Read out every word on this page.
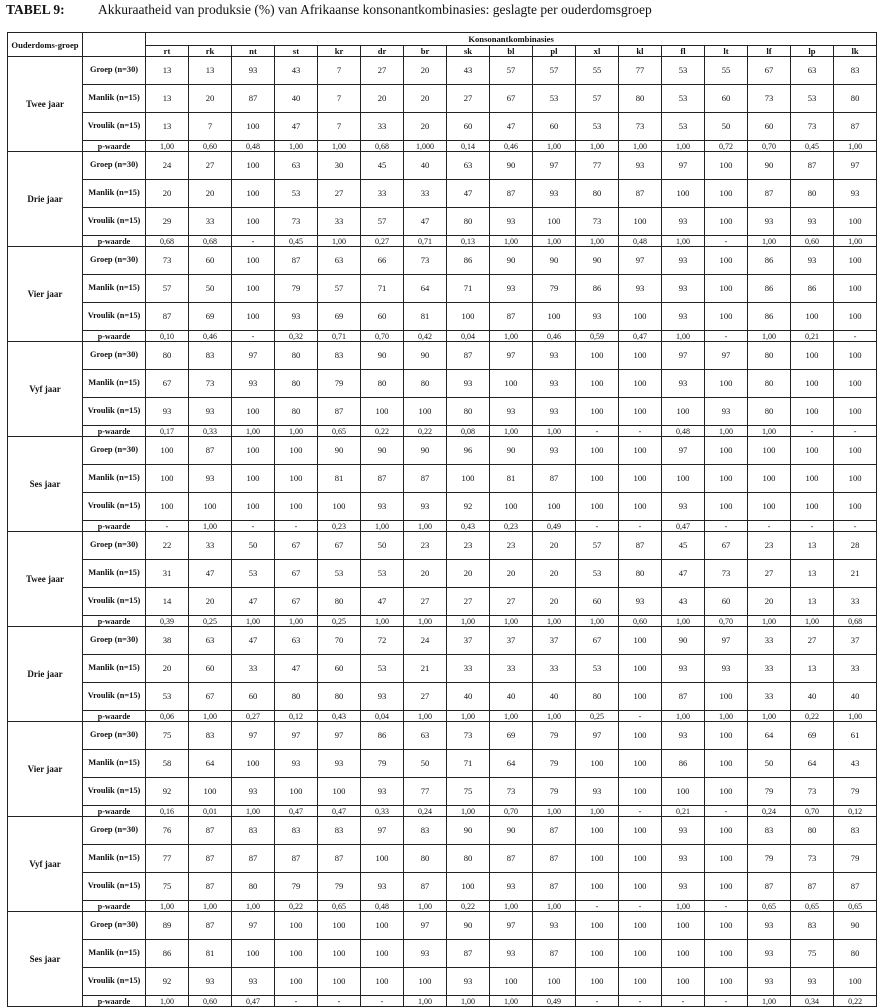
TABEL 9: Akkuraatheid van produksie (%) van Afrikaanse konsonantkombinasies: geslagte per ouderdomsgroep
Ouderdoms-groep		Konsonantkombinasies																
		rt	rk	nt	st	kr	dr	br	sk	bl	pl	xl	kl	fl	lt	lf	lp	lk
Twee jaar	Groep (n=30)	13	13	93	43	7	27	20	43	57	57	55	77	53	55	67	63	83
	Manlik (n=15)	13	20	87	40	7	20	20	27	67	53	57	80	53	60	73	53	80
	Vroulik (n=15)	13	7	100	47	7	33	20	60	47	60	53	73	53	50	60	73	87
	p-waarde	1,00	0,60	0,48	1,00	1,00	0,68	1,000	0,14	0,46	1,00	1,00	1,00	1,00	0,72	0,70	0,45	1,00
Drie jaar	Groep (n=30)	24	27	100	63	30	45	40	63	90	97	77	93	97	100	90	87	97
	Manlik (n=15)	20	20	100	53	27	33	33	47	87	93	80	87	100	100	87	80	93
	Vroulik (n=15)	29	33	100	73	33	57	47	80	93	100	73	100	93	100	93	93	100
	p-waarde	0,68	0,68	-	0,45	1,00	0,27	0,71	0,13	1,00	1,00	1,00	0,48	1,00	-	1,00	0,60	1,00
Vier jaar	Groep (n=30)	73	60	100	87	63	66	73	86	90	90	90	97	93	100	86	93	100
	Manlik (n=15)	57	50	100	79	57	71	64	71	93	79	86	93	93	100	86	86	100
	Vroulik (n=15)	87	69	100	93	69	60	81	100	87	100	93	100	93	100	86	100	100
	p-waarde	0,10	0,46	-	0,32	0,71	0,70	0,42	0,04	1,00	0,46	0,59	0,47	1,00	-	1,00	0,21	-
Vyf jaar	Groep (n=30)	80	83	97	80	83	90	90	87	97	93	100	100	97	97	80	100	100
	Manlik (n=15)	67	73	93	80	79	80	80	93	100	93	100	100	93	100	80	100	100
	Vroulik (n=15)	93	93	100	80	87	100	100	80	93	93	100	100	100	93	80	100	100
	p-waarde	0,17	0,33	1,00	1,00	0,65	0,22	0,22	0,08	1,00	1,00	-	-	0,48	1,00	1,00	-	-
Ses jaar	Groep (n=30)	100	87	100	100	90	90	90	96	90	93	100	100	97	100	100	100	100
	Manlik (n=15)	100	93	100	100	81	87	87	100	81	87	100	100	100	100	100	100	100
	Vroulik (n=15)	100	100	100	100	100	93	93	92	100	100	100	100	93	100	100	100	100
	p-waarde	-	1,00	-	-	0,23	1,00	1,00	0,43	0,23	0,49	-	-	0,47	-	-	-	-
Twee jaar	Groep (n=30)	22	33	50	67	67	50	23	23	23	20	57	87	45	67	23	13	28
	Manlik (n=15)	31	47	53	67	53	53	20	20	20	20	53	80	47	73	27	13	21
	Vroulik (n=15)	14	20	47	67	80	47	27	27	27	20	60	93	43	60	20	13	33
	p-waarde	0,39	0,25	1,00	1,00	0,25	1,00	1,00	1,00	1,00	1,00	1,00	0,60	1,00	0,70	1,00	1,00	0,68
Drie jaar	Groep (n=30)	38	63	47	63	70	72	24	37	37	37	67	100	90	97	33	27	37
	Manlik (n=15)	20	60	33	47	60	53	21	33	33	33	53	100	93	93	33	13	33
	Vroulik (n=15)	53	67	60	80	80	93	27	40	40	40	80	100	87	100	33	40	40
	p-waarde	0,06	1,00	0,27	0,12	0,43	0,04	1,00	1,00	1,00	1,00	0,25	-	1,00	1,00	1,00	0,22	1,00
Vier jaar	Groep (n=30)	75	83	97	97	97	86	63	73	69	79	97	100	93	100	64	69	61
	Manlik (n=15)	58	64	100	93	93	79	50	71	64	79	100	100	86	100	50	64	43
	Vroulik (n=15)	92	100	93	100	100	93	77	75	73	79	93	100	100	100	79	73	79
	p-waarde	0,16	0,01	1,00	0,47	0,47	0,33	0,24	1,00	0,70	1,00	1,00	-	0,21	-	0,24	0,70	0,12
Vyf jaar	Groep (n=30)	76	87	83	83	83	97	83	90	90	87	100	100	93	100	83	80	83
	Manlik (n=15)	77	87	87	87	87	100	80	80	87	87	100	100	93	100	79	73	79
	Vroulik (n=15)	75	87	80	79	79	93	87	100	93	87	100	100	93	100	87	87	87
	p-waarde	1,00	1,00	1,00	0,22	0,65	0,48	1,00	0,22	1,00	1,00	-	-	1,00	-	0,65	0,65	0,65
Ses jaar	Groep (n=30)	89	87	97	100	100	100	97	90	97	93	100	100	100	100	93	83	90
	Manlik (n=15)	86	81	100	100	100	100	93	87	93	87	100	100	100	100	93	75	80
	Vroulik (n=15)	92	93	93	100	100	100	100	93	100	100	100	100	100	100	93	93	100
	p-waarde	1,00	0,60	0,47	-	-	-	1,00	1,00	1,00	0,49	-	-	-	-	1,00	0,34	0,22
